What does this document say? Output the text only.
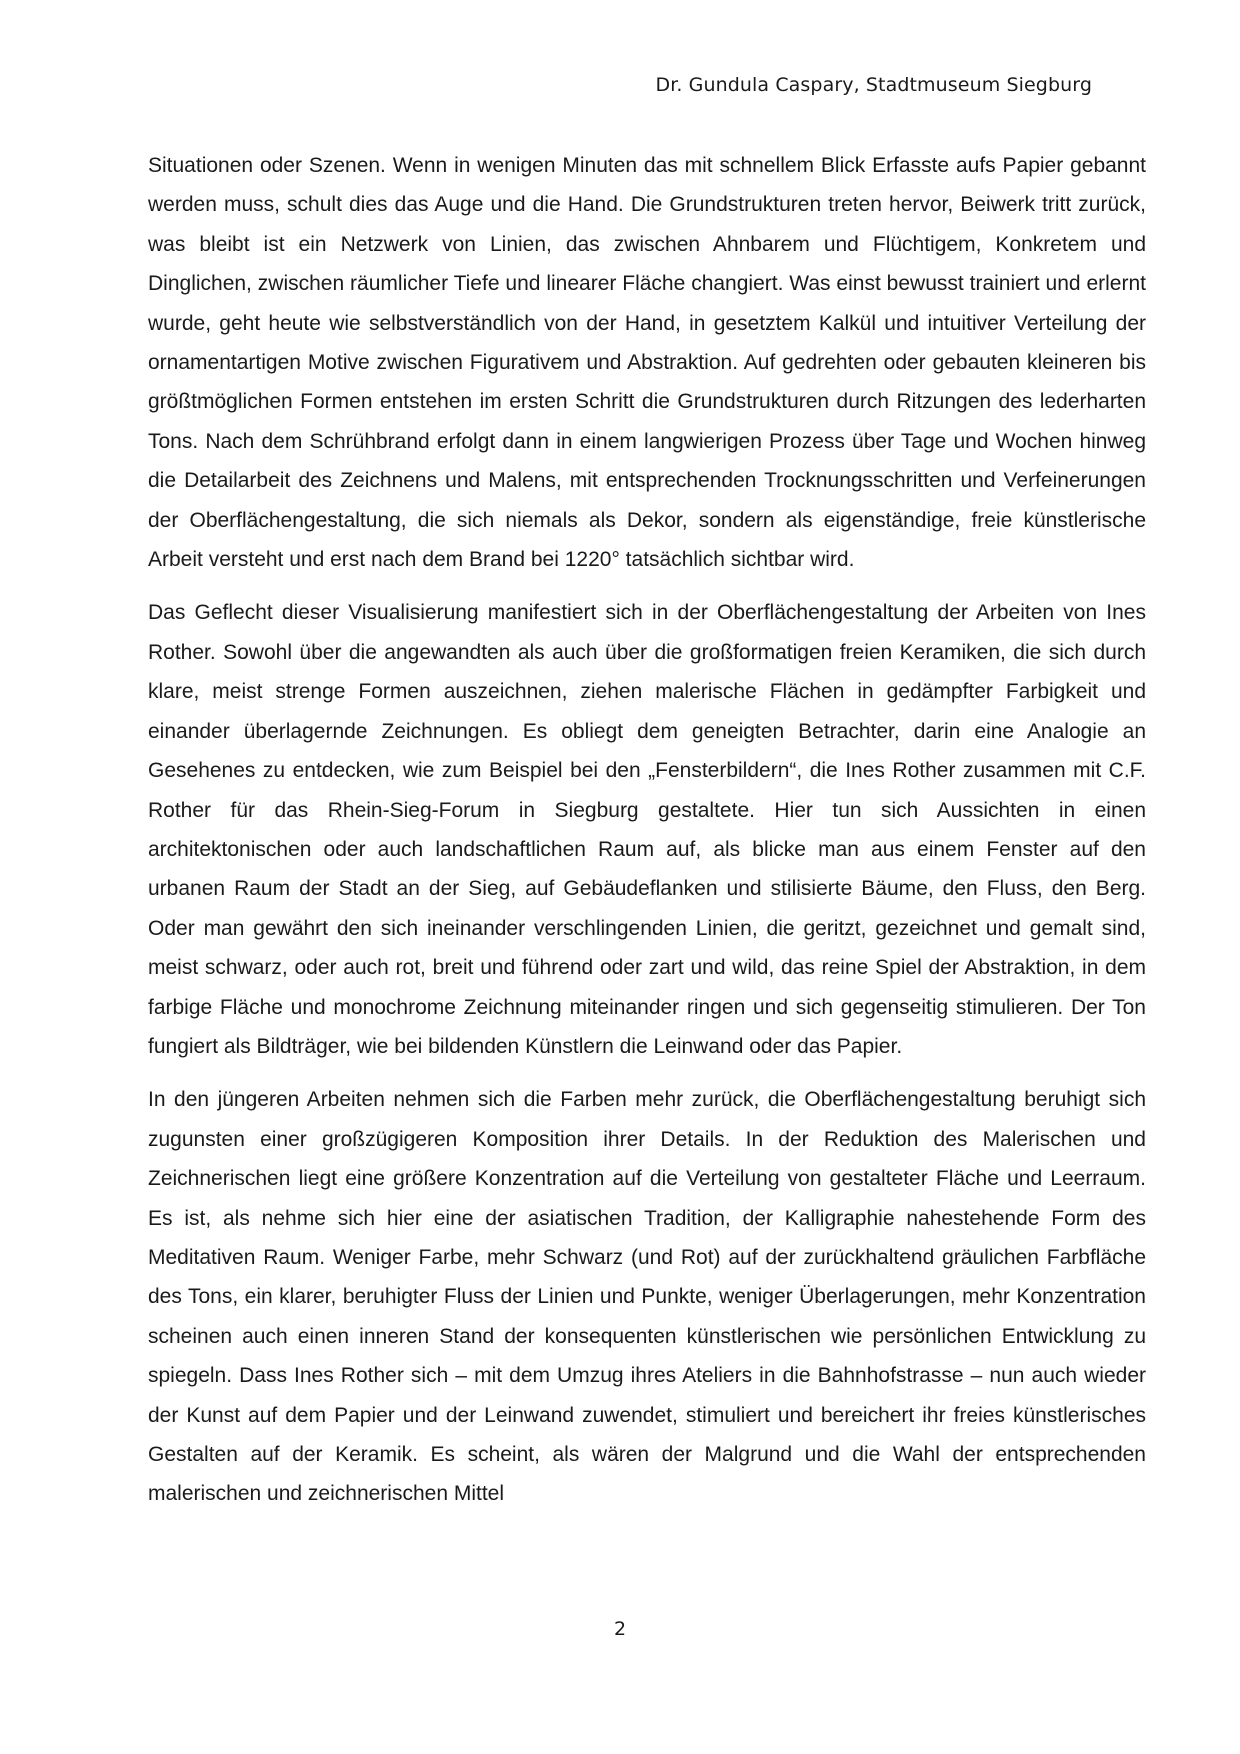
Dr. Gundula Caspary, Stadtmuseum Siegburg

Situationen oder Szenen. Wenn in wenigen Minuten das mit schnellem Blick Erfasste aufs Papier gebannt werden muss, schult dies das Auge und die Hand. Die Grundstrukturen treten hervor, Beiwerk tritt zurück, was bleibt ist ein Netzwerk von Linien, das zwischen Ahnbarem und Flüchtigem, Konkretem und Dinglichen, zwischen räumlicher Tiefe und linearer Fläche changiert. Was einst bewusst trainiert und erlernt wurde, geht heute wie selbstverständlich von der Hand, in gesetztem Kalkül und intuitiver Verteilung der ornamentartigen Motive zwischen Figurativem und Abstraktion. Auf gedrehten oder gebauten kleineren bis größtmöglichen Formen entstehen im ersten Schritt die Grundstrukturen durch Ritzungen des lederharten Tons. Nach dem Schrühbrand erfolgt dann in einem langwierigen Prozess über Tage und Wochen hinweg die Detailarbeit des Zeichnens und Malens, mit entsprechenden Trocknungsschritten und Verfeinerungen der Oberflächengestaltung, die sich niemals als Dekor, sondern als eigenständige, freie künstlerische Arbeit versteht und erst nach dem Brand bei 1220° tatsächlich sichtbar wird.

Das Geflecht dieser Visualisierung manifestiert sich in der Oberflächengestaltung der Arbeiten von Ines Rother. Sowohl über die angewandten als auch über die großformatigen freien Keramiken, die sich durch klare, meist strenge Formen auszeichnen, ziehen malerische Flächen in gedämpfter Farbigkeit und einander überlagernde Zeichnungen. Es obliegt dem geneigten Betrachter, darin eine Analogie an Gesehenes zu entdecken, wie zum Beispiel bei den „Fensterbildern“, die Ines Rother zusammen mit C.F. Rother für das Rhein-Sieg-Forum in Siegburg gestaltete. Hier tun sich Aussichten in einen architektonischen oder auch landschaftlichen Raum auf, als blicke man aus einem Fenster auf den urbanen Raum der Stadt an der Sieg, auf Gebäudeflanken und stilisierte Bäume, den Fluss, den Berg. Oder man gewährt den sich ineinander verschlingenden Linien, die geritzt, gezeichnet und gemalt sind, meist schwarz, oder auch rot, breit und führend oder zart und wild, das reine Spiel der Abstraktion, in dem farbige Fläche und monochrome Zeichnung miteinander ringen und sich gegenseitig stimulieren. Der Ton fungiert als Bildträger, wie bei bildenden Künstlern die Leinwand oder das Papier.

In den jüngeren Arbeiten nehmen sich die Farben mehr zurück, die Oberflächengestaltung beruhigt sich zugunsten einer großzügigeren Komposition ihrer Details. In der Reduktion des Malerischen und Zeichnerischen liegt eine größere Konzentration auf die Verteilung von gestalteter Fläche und Leerraum. Es ist, als nehme sich hier eine der asiatischen Tradition, der Kalligraphie nahestehende Form des Meditativen Raum. Weniger Farbe, mehr Schwarz (und Rot) auf der zurückhaltend gräulichen Farbfläche des Tons, ein klarer, beruhigter Fluss der Linien und Punkte, weniger Überlagerungen, mehr Konzentration scheinen auch einen inneren Stand der konsequenten künstlerischen wie persönlichen Entwicklung zu spiegeln. Dass Ines Rother sich – mit dem Umzug ihres Ateliers in die Bahnhofstrasse – nun auch wieder der Kunst auf dem Papier und der Leinwand zuwendet, stimuliert und bereichert ihr freies künstlerisches Gestalten auf der Keramik. Es scheint, als wären der Malgrund und die Wahl der entsprechenden malerischen und zeichnerischen Mittel

2
